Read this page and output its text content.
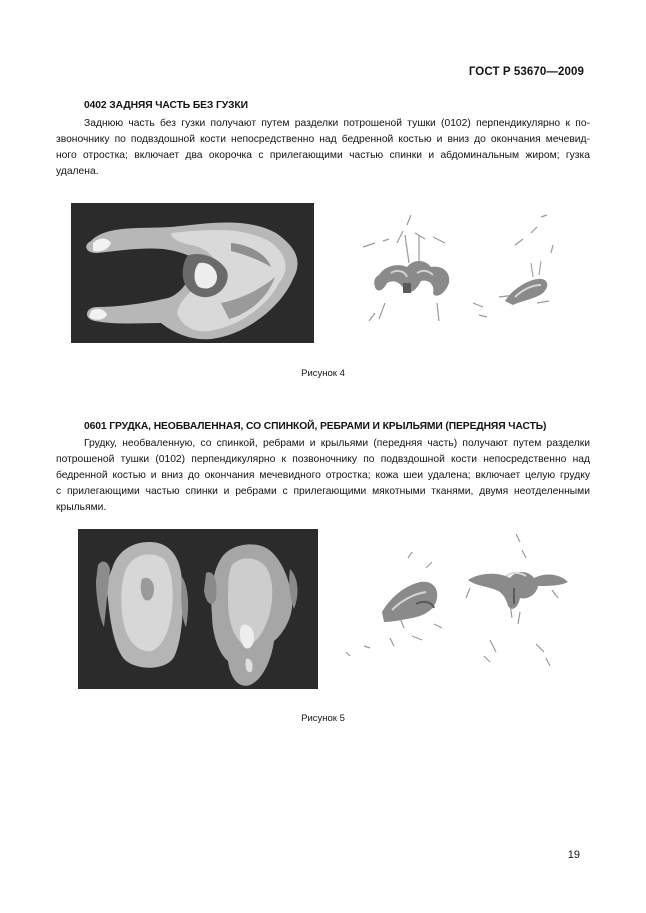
ГОСТ Р 53670—2009
0402 ЗАДНЯЯ ЧАСТЬ БЕЗ ГУЗКИ
Заднюю часть без гузки получают путем разделки потрошеной тушки (0102) перпендикулярно к по-
звоночнику по подвздошной кости непосредственно над бедренной костью и вниз до окончания мечевид-
ного отростка; включает два окорочка с прилегающими частью спинки и абдоминальным жиром; гузка
удалена.
Рисунок 4
0601 ГРУДКА, НЕОБВАЛЕННАЯ, СО СПИНКОЙ, РЕБРАМИ И КРЫЛЬЯМИ (ПЕРЕДНЯЯ ЧАСТЬ)
Грудку, необваленную, со спинкой, ребрами и крыльями (передняя часть) получают путем разделки
потрошеной тушки (0102) перпендикулярно к позвоночнику по подвздошной кости непосредственно над
бедренной костью и вниз до окончания мечевидного отростка; кожа шеи удалена; включает целую грудку
с прилегающими частью спинки и ребрами с прилегающими мякотными тканями, двумя неотделенными
крыльями.
Рисунок 5
19
